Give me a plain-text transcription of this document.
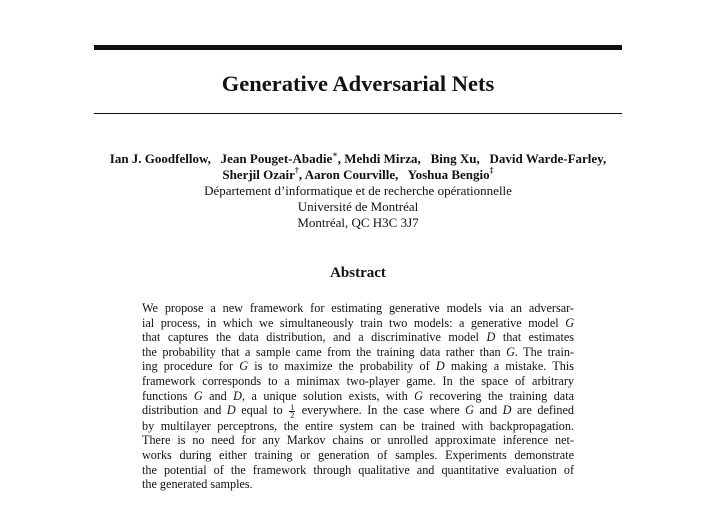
Generative Adversarial Nets
Ian J. Goodfellow, Jean Pouget-Abadie∗, Mehdi Mirza, Bing Xu, David Warde-Farley,
Sherjil Ozair†, Aaron Courville, Yoshua Bengio‡
Département d’informatique et de recherche opérationnelle
Université de Montréal
Montréal, QC H3C 3J7
Abstract
We propose a new framework for estimating generative models via an adversar-
ial process, in which we simultaneously train two models: a generative model G
that captures the data distribution, and a discriminative model D that estimates
the probability that a sample came from the training data rather than G. The train-
ing procedure for G is to maximize the probability of D making a mistake. This
framework corresponds to a minimax two-player game. In the space of arbitrary
functions G and D, a unique solution exists, with G recovering the training data
distribution and D equal to $\frac{1}{2}$ everywhere. In the case where G and D are defined
by multilayer perceptrons, the entire system can be trained with backpropagation.
There is no need for any Markov chains or unrolled approximate inference net-
works during either training or generation of samples. Experiments demonstrate
the potential of the framework through qualitative and quantitative evaluation of
the generated samples.
